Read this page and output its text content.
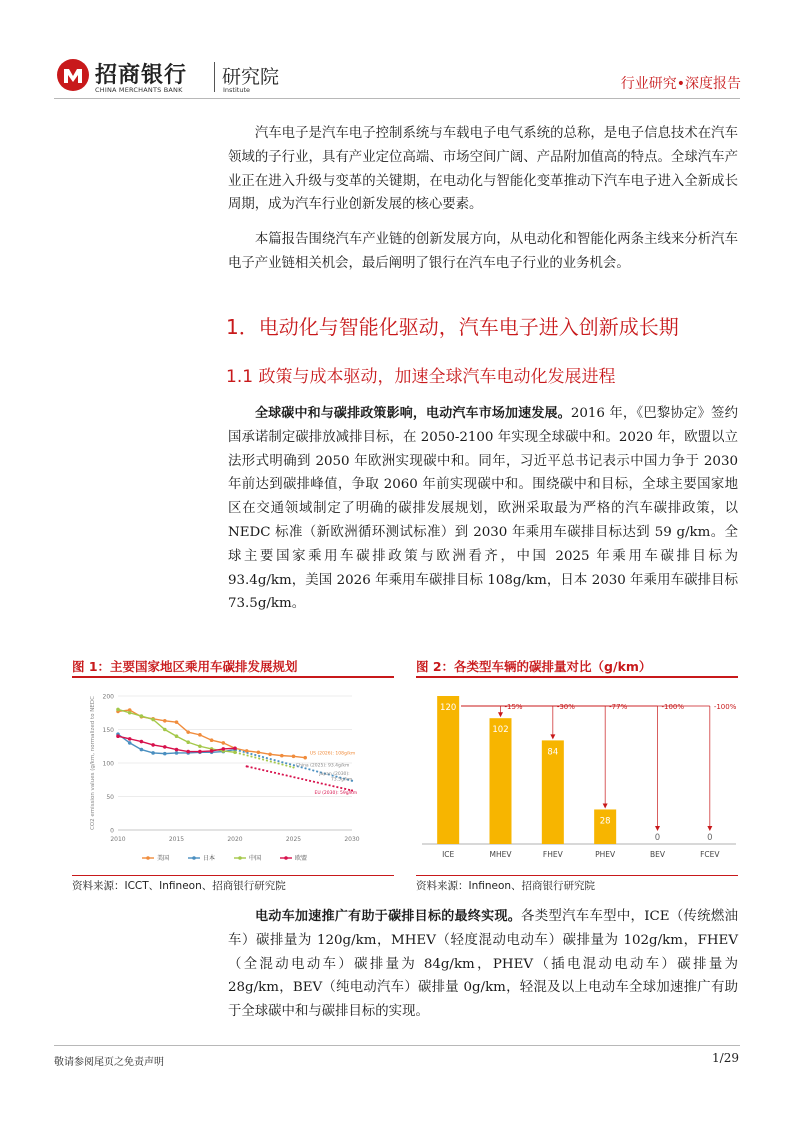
招商银行
CHINA MERCHANTS BANK
研究院
Institute	行业研究•深度报告
汽车电子是汽车电子控制系统与车载电子电气系统的总称，是电子信息技术在汽车领域的子行业，具有产业定位高端、市场空间广阔、产品附加值高的特点。全球汽车产业正在进入升级与变革的关键期，在电动化与智能化变革推动下汽车电子进入全新成长周期，成为汽车行业创新发展的核心要素。
本篇报告围绕汽车产业链的创新发展方向，从电动化和智能化两条主线来分析汽车电子产业链相关机会，最后阐明了银行在汽车电子行业的业务机会。
1．电动化与智能化驱动，汽车电子进入创新成长期
1.1 政策与成本驱动，加速全球汽车电动化发展进程
全球碳中和与碳排政策影响，电动汽车市场加速发展。2016 年，《巴黎协定》签约国承诺制定碳排放减排目标，在 2050-2100 年实现全球碳中和。2020 年，欧盟以立法形式明确到 2050 年欧洲实现碳中和。同年，习近平总书记表示中国力争于 2030 年前达到碳排峰值，争取 2060 年前实现碳中和。围绕碳中和目标，全球主要国家地区在交通领域制定了明确的碳排发展规划，欧洲采取最为严格的汽车碳排政策，以 NEDC 标准（新欧洲循环测试标准）到 2030 年乘用车碳排目标达到 59 g/km。全球主要国家乘用车碳排政策与欧洲看齐，中国 2025 年乘用车碳排目标为 93.4g/km，美国 2026 年乘用车碳排目标 108g/km，日本 2030 年乘用车碳排目标 73.5g/km。
图 1：主要国家地区乘用车碳排发展规划
0
50
100
150
200
2010	2015	2020	2025	2030
CO2 emission values (g/km, normalized to NEDC	US (2026): 108g/km
China (2025): 93.4g/km
Japan (2030):
73.5g/km
EU (2030): 59g/km
美国	日本	中国	欧盟
资料来源：ICCT、Infineon、招商银行研究院
图 2：各类型车辆的碳排量对比（g/km）
120
ICE
102
MHEV
-15%
84
FHEV
-30%
28
PHEV
-77%
0
BEV
-100%
0
FCEV
-100%
资料来源：Infineon、招商银行研究院
电动车加速推广有助于碳排目标的最终实现。各类型汽车车型中，ICE（传统燃油车）碳排量为 120g/km，MHEV（轻度混动电动车）碳排量为 102g/km，FHEV（全混动电动车）碳排量为 84g/km，PHEV（插电混动电动车）碳排量为 28g/km，BEV（纯电动汽车）碳排量 0g/km，轻混及以上电动车全球加速推广有助于全球碳中和与碳排目标的实现。
敬请参阅尾页之免责声明	1/29
